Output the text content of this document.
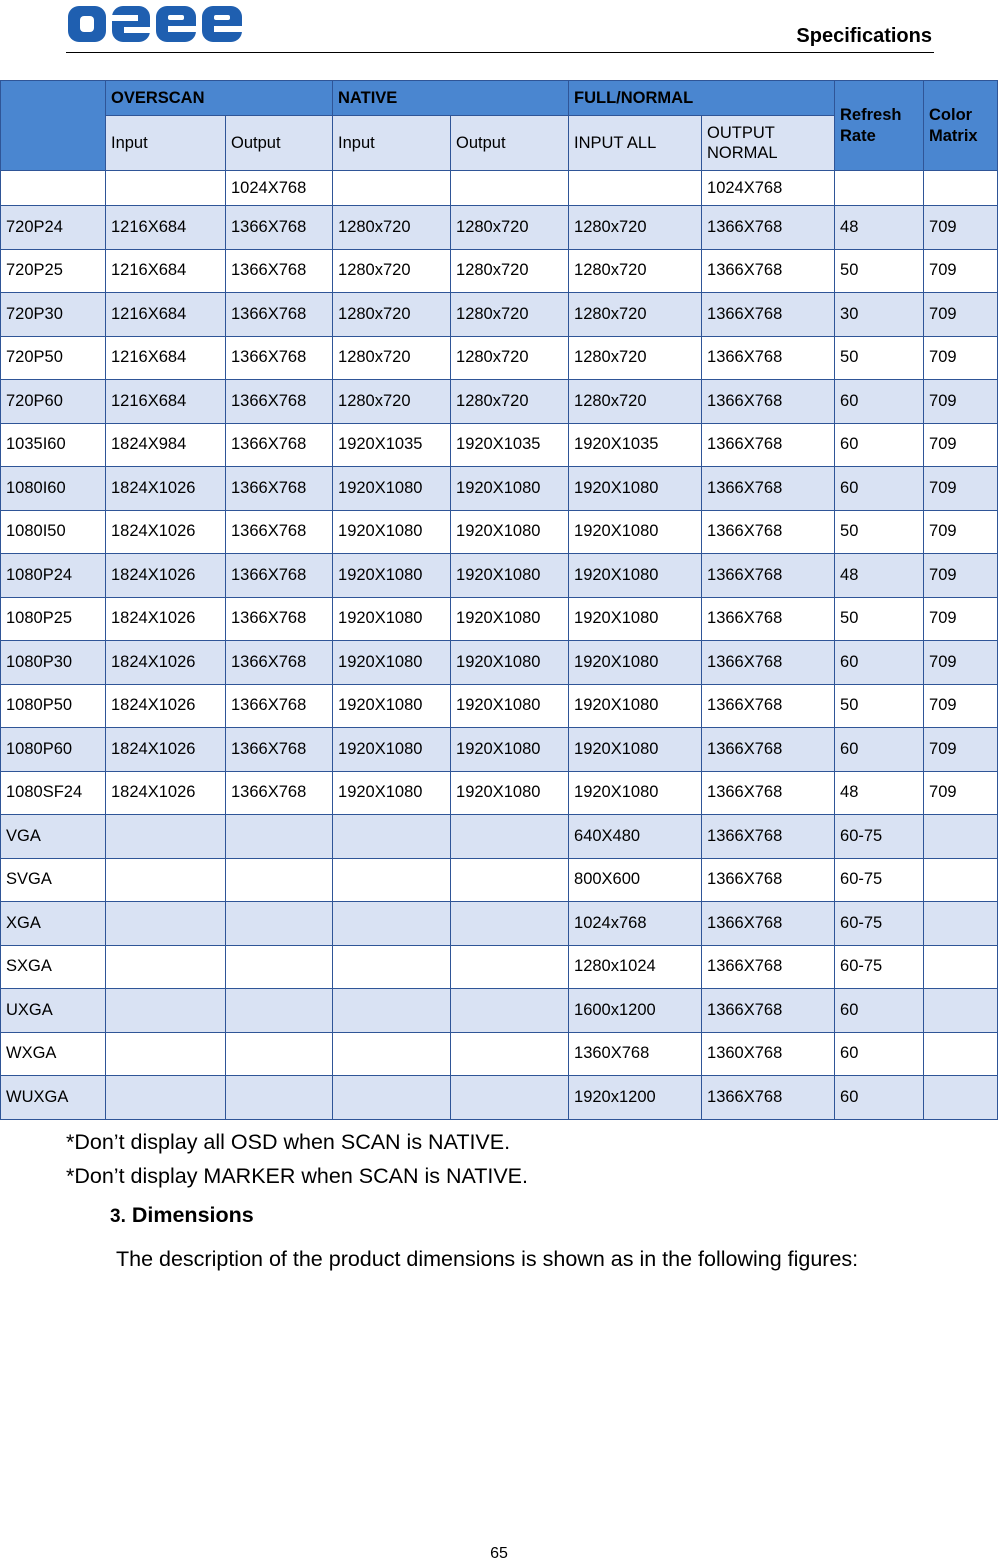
Specifications
	OVERSCAN		NATIVE		FULL/NORMAL		Refresh Rate	Color Matrix
	Input	Output	Input	Output	INPUT ALL	OUTPUT NORMAL		
		1024X768				1024X768		
720P24	1216X684	1366X768	1280x720	1280x720	1280x720	1366X768	48	709
720P25	1216X684	1366X768	1280x720	1280x720	1280x720	1366X768	50	709
720P30	1216X684	1366X768	1280x720	1280x720	1280x720	1366X768	30	709
720P50	1216X684	1366X768	1280x720	1280x720	1280x720	1366X768	50	709
720P60	1216X684	1366X768	1280x720	1280x720	1280x720	1366X768	60	709
1035I60	1824X984	1366X768	1920X1035	1920X1035	1920X1035	1366X768	60	709
1080I60	1824X1026	1366X768	1920X1080	1920X1080	1920X1080	1366X768	60	709
1080I50	1824X1026	1366X768	1920X1080	1920X1080	1920X1080	1366X768	50	709
1080P24	1824X1026	1366X768	1920X1080	1920X1080	1920X1080	1366X768	48	709
1080P25	1824X1026	1366X768	1920X1080	1920X1080	1920X1080	1366X768	50	709
1080P30	1824X1026	1366X768	1920X1080	1920X1080	1920X1080	1366X768	60	709
1080P50	1824X1026	1366X768	1920X1080	1920X1080	1920X1080	1366X768	50	709
1080P60	1824X1026	1366X768	1920X1080	1920X1080	1920X1080	1366X768	60	709
1080SF24	1824X1026	1366X768	1920X1080	1920X1080	1920X1080	1366X768	48	709
VGA					640X480	1366X768	60-75	
SVGA					800X600	1366X768	60-75	
XGA					1024x768	1366X768	60-75	
SXGA					1280x1024	1366X768	60-75	
UXGA					1600x1200	1366X768	60	
WXGA					1360X768	1360X768	60	
WUXGA					1920x1200	1366X768	60	
*Don’t display all OSD when SCAN is NATIVE.
*Don’t display MARKER when SCAN is NATIVE.
3. Dimensions
The description of the product dimensions is shown as in the following figures:
65
